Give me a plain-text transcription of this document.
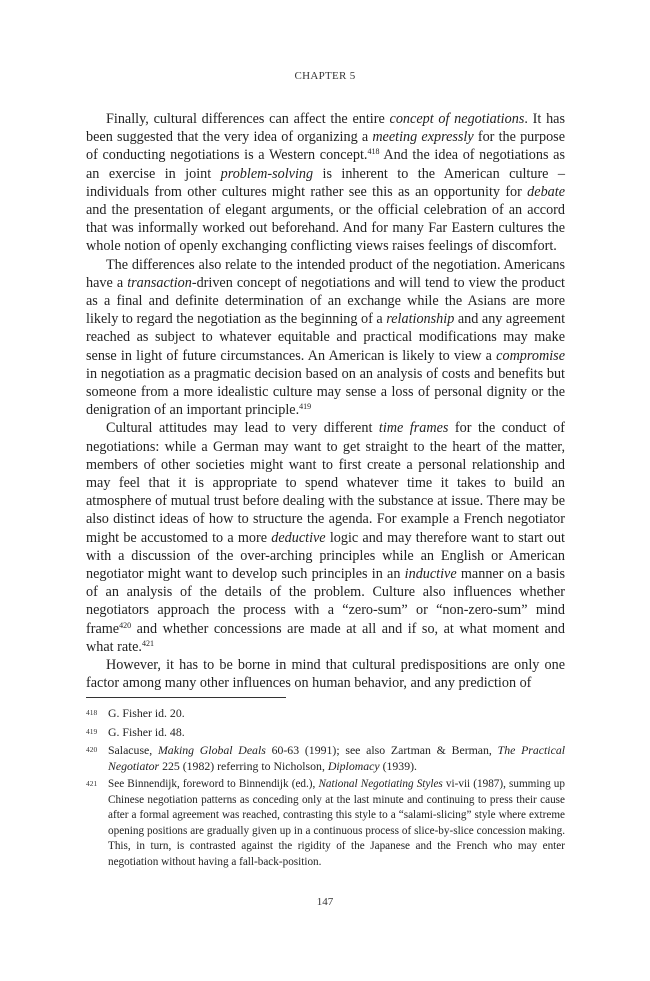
CHAPTER 5

Finally, cultural differences can affect the entire concept of negotiations. It has been suggested that the very idea of organizing a meeting expressly for the purpose of conducting negotiations is a Western concept.$^{418}$ And the idea of negotiations as an exercise in joint problem-solving is inherent to the American culture – individuals from other cultures might rather see this as an opportunity for debate and the presentation of elegant arguments, or the official celebration of an accord that was informally worked out beforehand. And for many Far Eastern cultures the whole notion of openly exchanging conflicting views raises feelings of discomfort.

The differences also relate to the intended product of the negotiation. Americans have a transaction-driven concept of negotiations and will tend to view the product as a final and definite determination of an exchange while the Asians are more likely to regard the negotiation as the beginning of a relationship and any agreement reached as subject to whatever equitable and practical modifications may make sense in light of future circumstances. An American is likely to view a compromise in negotiation as a pragmatic decision based on an analysis of costs and benefits but someone from a more idealistic culture may sense a loss of personal dignity or the denigration of an important principle.$^{419}$

Cultural attitudes may lead to very different time frames for the conduct of negotiations: while a German may want to get straight to the heart of the matter, members of other societies might want to first create a personal relationship and may feel that it is appropriate to spend whatever time it takes to build an atmosphere of mutual trust before dealing with the substance at issue. There may be also distinct ideas of how to structure the agenda. For example a French negotiator might be accustomed to a more deductive logic and may therefore want to start out with a discussion of the over-arching principles while an English or American negotiator might want to develop such principles in an inductive manner on a basis of an analysis of the details of the problem. Culture also influences whether negotiators approach the process with a “zero-sum” or “non-zero-sum” mind frame$^{420}$ and whether concessions are made at all and if so, at what moment and what rate.$^{421}$

However, it has to be borne in mind that cultural predispositions are only one factor among many other influences on human behavior, and any prediction of

418 G. Fisher id. 20.
419 G. Fisher id. 48.
420 Salacuse, Making Global Deals 60-63 (1991); see also Zartman & Berman, The Practical Negotiator 225 (1982) referring to Nicholson, Diplomacy (1939).
421 See Binnendijk, foreword to Binnendijk (ed.), National Negotiating Styles vi-vii (1987), summing up Chinese negotiation patterns as conceding only at the last minute and continuing to press their cause after a formal agreement was reached, contrasting this style to a “salami-slicing” style where extreme opening positions are gradually given up in a continuous process of slice-by-slice concession making. This, in turn, is contrasted against the rigidity of the Japanese and the French who may enter negotiation without having a fall-back-position.
147
